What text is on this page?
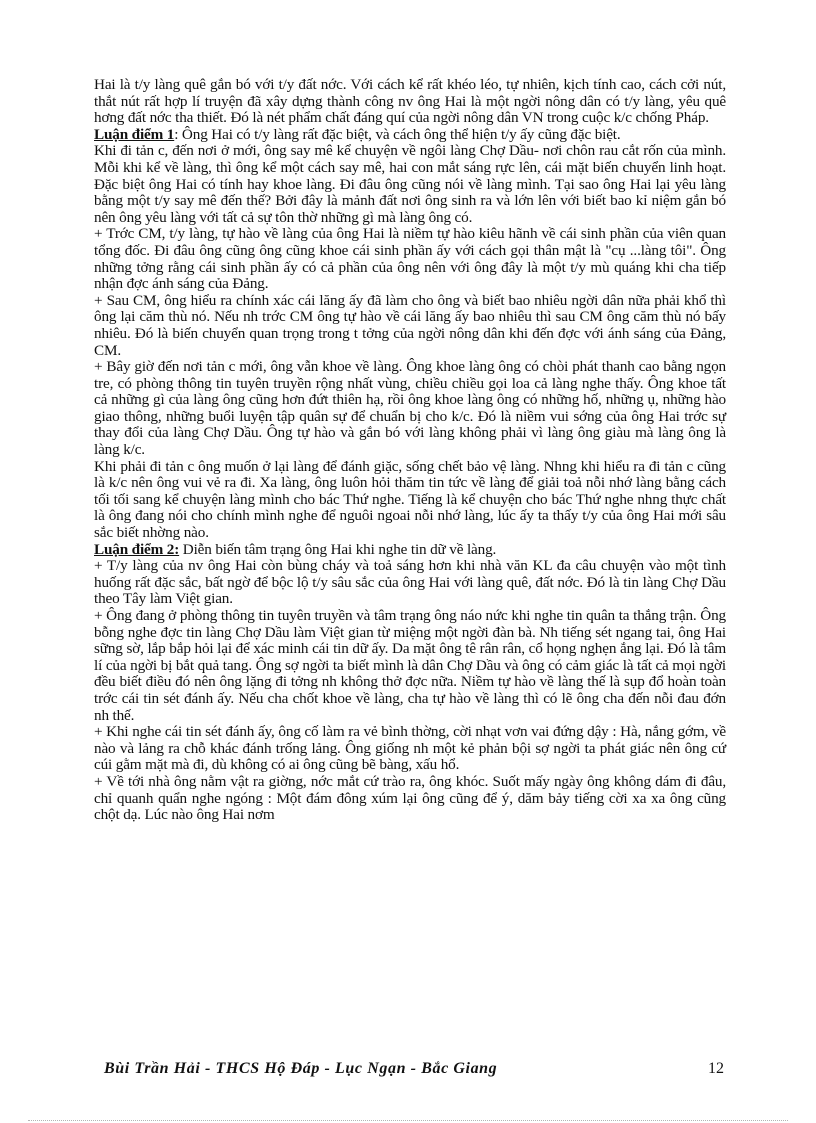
Hai là t/y làng quê gắn bó với t/y đất nớc. Với cách kể rất khéo léo, tự nhiên, kịch tính cao, cách cởi nút, thắt nút rất hợp lí truyện đã xây dựng thành công nv ông Hai là một ngời nông dân có t/y làng, yêu quê hơng đất nớc tha thiết. Đó là nét phẩm chất đáng quí của ngời nông dân VN trong cuộc k/c chống Pháp.

Luận điểm 1: Ông Hai có t/y làng rất đặc biệt, và cách ông thể hiện t/y ấy cũng đặc biệt.

Khi đi tản c, đến nơi ở mới, ông say mê kể chuyện về ngôi làng Chợ Dầu- nơi chôn rau cắt rốn của mình. Mỗi khi kể về làng, thì ông kể một cách say mê, hai con mắt sáng rực lên, cái mặt biến chuyển linh hoạt. Đặc biệt ông Hai có tính hay khoe làng. Đi đâu ông cũng nói về làng mình. Tại sao ông Hai lại yêu làng bằng một t/y say mê đến thế? Bởi đây là mảnh đất nơi ông sinh ra và lớn lên với biết bao kỉ niệm gắn bó nên ông yêu làng với tất cả sự tôn thờ những gì mà làng ông có.

+ Trớc CM, t/y làng, tự hào về làng của ông Hai là niềm tự hào kiêu hãnh về cái sinh phần của viên quan tổng đốc. Đi đâu ông cũng ông cũng khoe cái sinh phần ấy với cách gọi thân mật là "cụ ...làng tôi". Ông những tởng rằng cái sinh phần ấy có cả phần của ông nên với ông đây là một t/y mù quáng khi cha tiếp nhận đợc ánh sáng của Đảng.

+ Sau CM, ông hiểu ra chính xác cái lăng ấy đã làm cho ông và biết bao nhiêu ngời dân nữa phải khổ thì ông lại căm thù nó. Nếu nh trớc CM ông tự hào về cái lăng ấy bao nhiêu thì sau CM ông căm thù nó bấy nhiêu. Đó là biến chuyển quan trọng trong t tởng của ngời nông dân khi đến đợc với ánh sáng của Đảng, CM.

+ Bây giờ đến nơi tản c mới, ông vẫn khoe về làng. Ông khoe làng ông có chòi phát thanh cao bằng ngọn tre, có phòng thông tin tuyên truyền rộng nhất vùng, chiều chiều gọi loa cả làng nghe thấy. Ông khoe tất cả những gì của làng ông cũng hơn đứt thiên hạ, rồi ông khoe làng ông có những hố, những ụ, những hào giao thông, những buổi luyện tập quân sự để chuẩn bị cho k/c. Đó là niềm vui sớng của ông Hai trớc sự thay đổi của làng Chợ Dầu. Ông tự hào và gắn bó với làng không phải vì làng ông giàu mà làng ông là làng k/c.

Khi phải đi tản c ông muốn ở lại làng để đánh giặc, sống chết bảo vệ làng. Nhng khi hiểu ra đi tản c cũng là k/c nên ông vui vẻ ra đi. Xa làng, ông luôn hỏi thăm tin tức về làng để giải toả nỗi nhớ làng bằng cách tối tối sang kể chuyện làng mình cho bác Thứ nghe. Tiếng là kể chuyện cho bác Thứ nghe nhng thực chất là ông đang nói cho chính mình nghe để nguôi ngoai nỗi nhớ làng, lúc ấy ta thấy t/y của ông Hai mới sâu sắc biết nhờng nào.

Luận điểm 2: Diễn biến tâm trạng ông Hai khi nghe tin dữ về làng.

+ T/y làng của nv ông Hai còn bùng cháy và toả sáng hơn khi nhà văn KL đa câu chuyện vào một tình huống rất đặc sắc, bất ngờ để bộc lộ t/y sâu sắc của ông Hai với làng quê, đất nớc. Đó là tin làng Chợ Dầu theo Tây làm Việt gian.

+ Ông đang ở phòng thông tin tuyên truyền và tâm trạng ông náo nức khi nghe tin quân ta thắng trận. Ông bỗng nghe đợc tin làng Chợ Dầu làm Việt gian từ miệng một ngời đàn bà. Nh tiếng sét ngang tai, ông Hai sững sờ, lắp bắp hỏi lại để xác minh cái tin dữ ấy. Da mặt ông tê rân rân, cổ họng nghẹn ắng lại. Đó là tâm lí của ngời bị bắt quả tang. Ông sợ ngời ta biết mình là dân Chợ Dầu và ông có cảm giác là tất cả mọi ngời đều biết điều đó nên ông lặng đi tởng nh không thở đợc nữa. Niềm tự hào về làng thế là sụp đổ hoàn toàn trớc cái tin sét đánh ấy. Nếu cha chốt khoe về làng, cha tự hào về làng thì có lẽ ông cha đến nỗi đau đớn nh thế.

+ Khi nghe cái tin sét đánh ấy, ông cố làm ra vẻ bình thờng, cời nhạt vơn vai đứng dậy : Hà, nắng gớm, về nào và lảng ra chỗ khác đánh trống lảng. Ông giống nh một kẻ phản bội sợ ngời ta phát giác nên ông cứ cúi gằm mặt mà đi, dù không có ai ông cũng bẽ bàng, xấu hổ.

+ Về tới nhà ông nằm vật ra giờng, nớc mắt cứ trào ra, ông khóc. Suốt mấy ngày ông không dám đi đâu, chỉ quanh quẩn nghe ngóng : Một đám đông xúm lại ông cũng để ý, dăm bảy tiếng cời xa xa ông cũng chột dạ. Lúc nào ông Hai nơm

Bùi Trần Hải - THCS Hộ Đáp - Lục Ngạn - Bắc Giang	12
